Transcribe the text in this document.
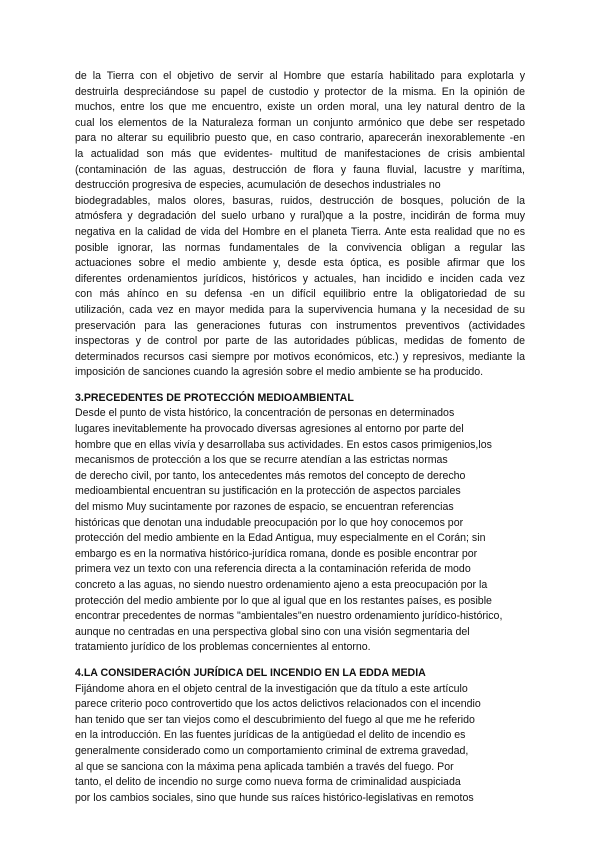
de la Tierra con el objetivo de servir al Hombre que estaría habilitado para explotarla y
destruirla despreciándose su papel de custodio y protector de la misma. En la opinión de
muchos, entre los que me encuentro, existe un orden moral, una ley natural dentro de la
cual los elementos de la Naturaleza forman un conjunto armónico que debe ser respetado
para no alterar su equilibrio puesto que, en caso contrario, aparecerán inexorablemente -en
la actualidad son más que evidentes- multitud de manifestaciones de crisis ambiental
(contaminación de las aguas, destrucción de flora y fauna fluvial, lacustre y marítima,
destrucción progresiva de especies, acumulación de desechos industriales no
biodegradables, malos olores, basuras, ruidos, destrucción de bosques, polución de la
atmósfera y degradación del suelo urbano y rural)que a la postre, incidirán de forma muy
negativa en la calidad de vida del Hombre en el planeta Tierra. Ante esta realidad que no es
posible ignorar, las normas fundamentales de la convivencia obligan a regular las
actuaciones sobre el medio ambiente y, desde esta óptica, es posible afirmar que los
diferentes ordenamientos jurídicos, históricos y actuales, han incidido e inciden cada vez
con más ahínco en su defensa -en un difícil equilibrio entre la obligatoriedad de su
utilización, cada vez en mayor medida para la supervivencia humana y la necesidad de su
preservación para las generaciones futuras con instrumentos preventivos (actividades
inspectoras y de control por parte de las autoridades públicas, medidas de fomento de
determinados recursos casi siempre por motivos económicos, etc.) y represivos, mediante la
imposición de sanciones cuando la agresión sobre el medio ambiente se ha producido.
3.PRECEDENTES DE PROTECCIÓN MEDIOAMBIENTAL
Desde el punto de vista histórico, la concentración de personas en determinados
lugares inevitablemente ha provocado diversas agresiones al entorno por parte del
hombre que en ellas vivía y desarrollaba sus actividades. En estos casos primigenios,los
mecanismos de protección a los que se recurre atendían a las estrictas normas
de derecho civil, por tanto, los antecedentes más remotos del concepto de derecho
medioambiental encuentran su justificación en la protección de aspectos parciales
del mismo Muy sucintamente por razones de espacio, se encuentran referencias
históricas que denotan una indudable preocupación por lo que hoy conocemos por
protección del medio ambiente en la Edad Antigua, muy especialmente en el Corán; sin
embargo es en la normativa histórico-jurídica romana, donde es posible encontrar por
primera vez un texto con una referencia directa a la contaminación referida de modo
concreto a las aguas, no siendo nuestro ordenamiento ajeno a esta preocupación por la
protección del medio ambiente por lo que al igual que en los restantes países, es posible
encontrar precedentes de normas "ambientales"en nuestro ordenamiento jurídico-histórico,
aunque no centradas en una perspectiva global sino con una visión segmentaria del
tratamiento jurídico de los problemas concernientes al entorno.
4.LA CONSIDERACIÓN JURÍDICA DEL INCENDIO EN LA EDDA MEDIA
Fijándome ahora en el objeto central de la investigación que da título a este artículo
parece criterio poco controvertido que los actos delictivos relacionados con el incendio
han tenido que ser tan viejos como el descubrimiento del fuego al que me he referido
en la introducción. En las fuentes jurídicas de la antigüedad el delito de incendio es
generalmente considerado como un comportamiento criminal de extrema gravedad,
al que se sanciona con la máxima pena aplicada también a través del fuego. Por
tanto, el delito de incendio no surge como nueva forma de criminalidad auspiciada
por los cambios sociales, sino que hunde sus raíces histórico-legislativas en remotos
